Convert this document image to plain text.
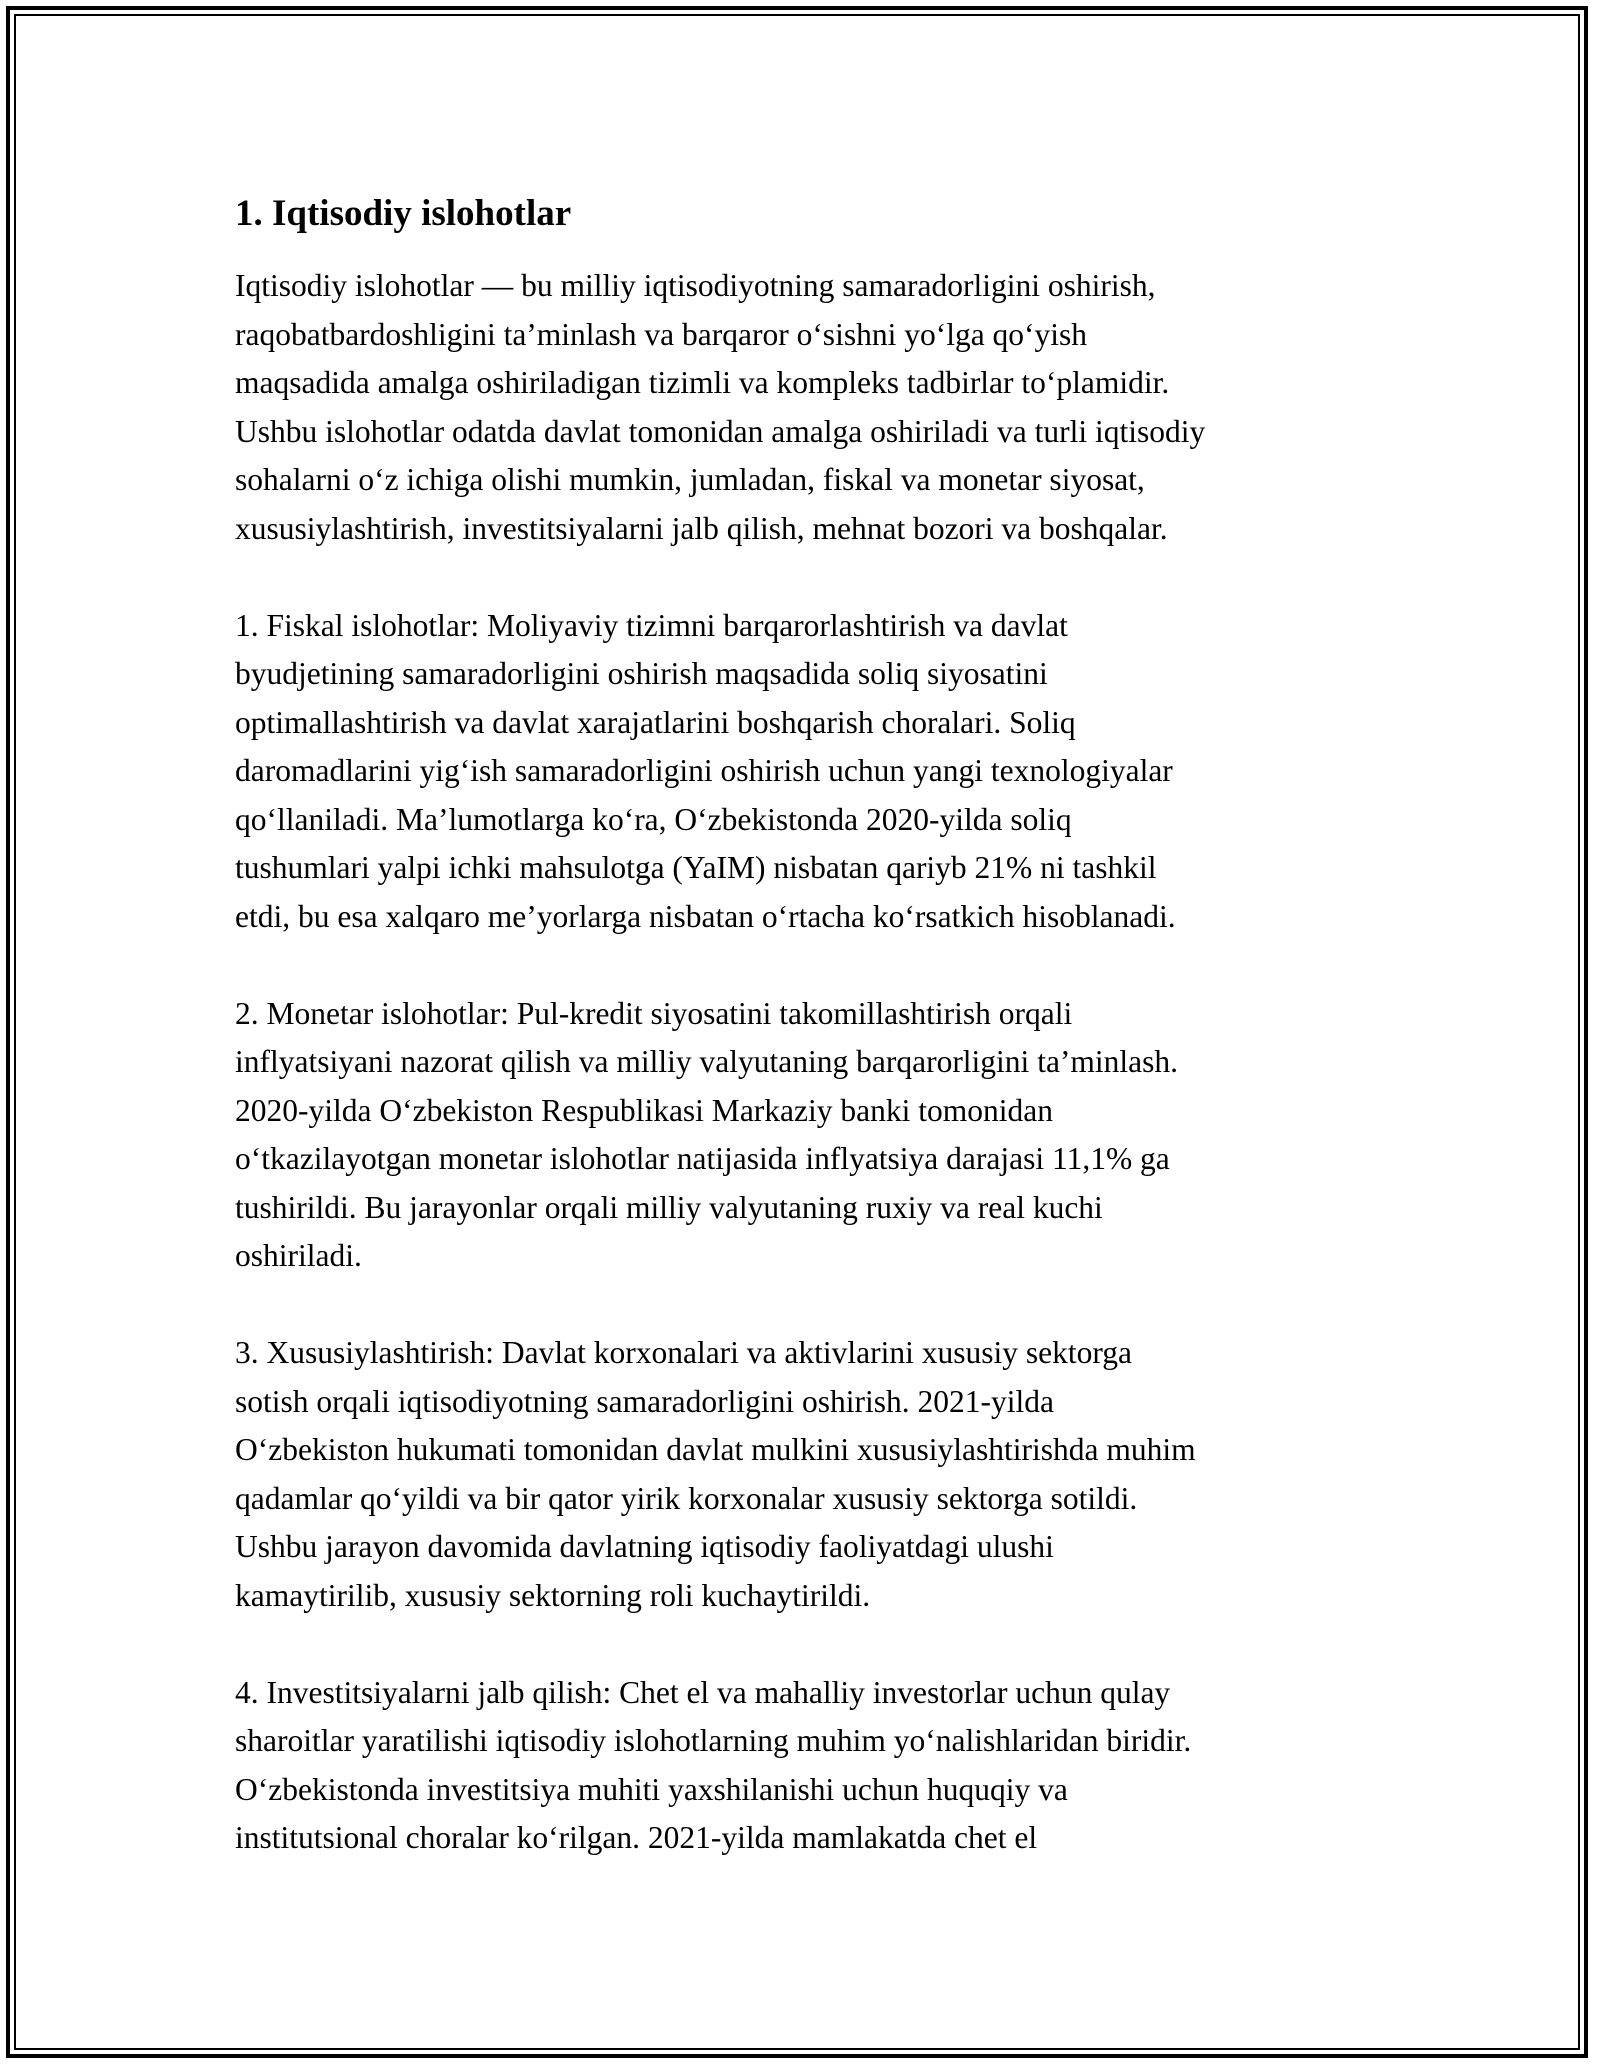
1. Iqtisodiy islohotlar

Iqtisodiy islohotlar — bu milliy iqtisodiyotning samaradorligini oshirish,
raqobatbardoshligini ta’minlash va barqaror o‘sishni yo‘lga qo‘yish
maqsadida amalga oshiriladigan tizimli va kompleks tadbirlar to‘plamidir.
Ushbu islohotlar odatda davlat tomonidan amalga oshiriladi va turli iqtisodiy
sohalarni o‘z ichiga olishi mumkin, jumladan, fiskal va monetar siyosat,
xususiylashtirish, investitsiyalarni jalb qilish, mehnat bozori va boshqalar.

1. Fiskal islohotlar: Moliyaviy tizimni barqarorlashtirish va davlat
byudjetining samaradorligini oshirish maqsadida soliq siyosatini
optimallashtirish va davlat xarajatlarini boshqarish choralari. Soliq
daromadlarini yig‘ish samaradorligini oshirish uchun yangi texnologiyalar
qo‘llaniladi. Ma’lumotlarga ko‘ra, O‘zbekistonda 2020-yilda soliq
tushumlari yalpi ichki mahsulotga (YaIM) nisbatan qariyb 21% ni tashkil
etdi, bu esa xalqaro me’yorlarga nisbatan o‘rtacha ko‘rsatkich hisoblanadi.

2. Monetar islohotlar: Pul-kredit siyosatini takomillashtirish orqali
inflyatsiyani nazorat qilish va milliy valyutaning barqarorligini ta’minlash.
2020-yilda O‘zbekiston Respublikasi Markaziy banki tomonidan
o‘tkazilayotgan monetar islohotlar natijasida inflyatsiya darajasi 11,1% ga
tushirildi. Bu jarayonlar orqali milliy valyutaning ruxiy va real kuchi
oshiriladi.

3. Xususiylashtirish: Davlat korxonalari va aktivlarini xususiy sektorga
sotish orqali iqtisodiyotning samaradorligini oshirish. 2021-yilda
O‘zbekiston hukumati tomonidan davlat mulkini xususiylashtirishda muhim
qadamlar qo‘yildi va bir qator yirik korxonalar xususiy sektorga sotildi.
Ushbu jarayon davomida davlatning iqtisodiy faoliyatdagi ulushi
kamaytirilib, xususiy sektorning roli kuchaytirildi.

4. Investitsiyalarni jalb qilish: Chet el va mahalliy investorlar uchun qulay
sharoitlar yaratilishi iqtisodiy islohotlarning muhim yo‘nalishlaridan biridir.
O‘zbekistonda investitsiya muhiti yaxshilanishi uchun huquqiy va
institutsional choralar ko‘rilgan. 2021-yilda mamlakatda chet el
